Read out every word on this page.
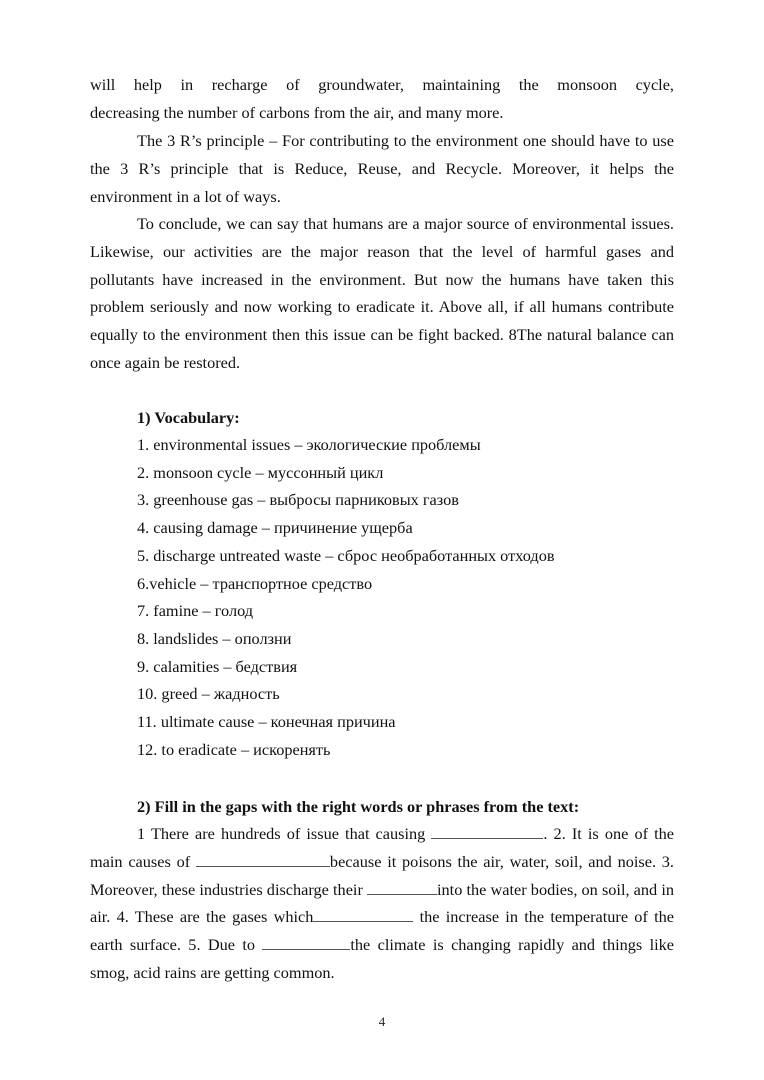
will help in recharge of groundwater, maintaining the monsoon cycle,

decreasing the number of carbons from the air, and many more.

The 3 R’s principle – For contributing to the environment one should have to use the 3 R’s principle that is Reduce, Reuse, and Recycle. Moreover, it helps the environment in a lot of ways.

To conclude, we can say that humans are a major source of environmental issues. Likewise, our activities are the major reason that the level of harmful gases and pollutants have increased in the environment. But now the humans have taken this problem seriously and now working to eradicate it. Above all, if all humans contribute equally to the environment then this issue can be fight backed. 8The natural balance can once again be restored.

1) Vocabulary:

1. environmental issues – экологические проблемы
2. monsoon cycle – муссонный цикл
3. greenhouse gas – выбросы парниковых газов
4. causing damage – причинение ущерба
5. discharge untreated waste – сброс необработанных отходов
6.vehicle – транспортное средство
7. famine – голод
8. landslides – оползни
9. calamities – бедствия
10. greed – жадность
11. ultimate cause – конечная причина
12. to eradicate – искоренять

2) Fill in the gaps with the right words or phrases from the text:

1 There are hundreds of issue that causing	. 2. It is one of the main causes of	because it poisons the air, water, soil, and noise. 3. Moreover, these industries discharge their	into the water bodies, on soil, and in air. 4. These are the gases which	the increase in the temperature of the earth surface. 5. Due to	the climate is changing rapidly and things like smog, acid rains are getting common.

4
